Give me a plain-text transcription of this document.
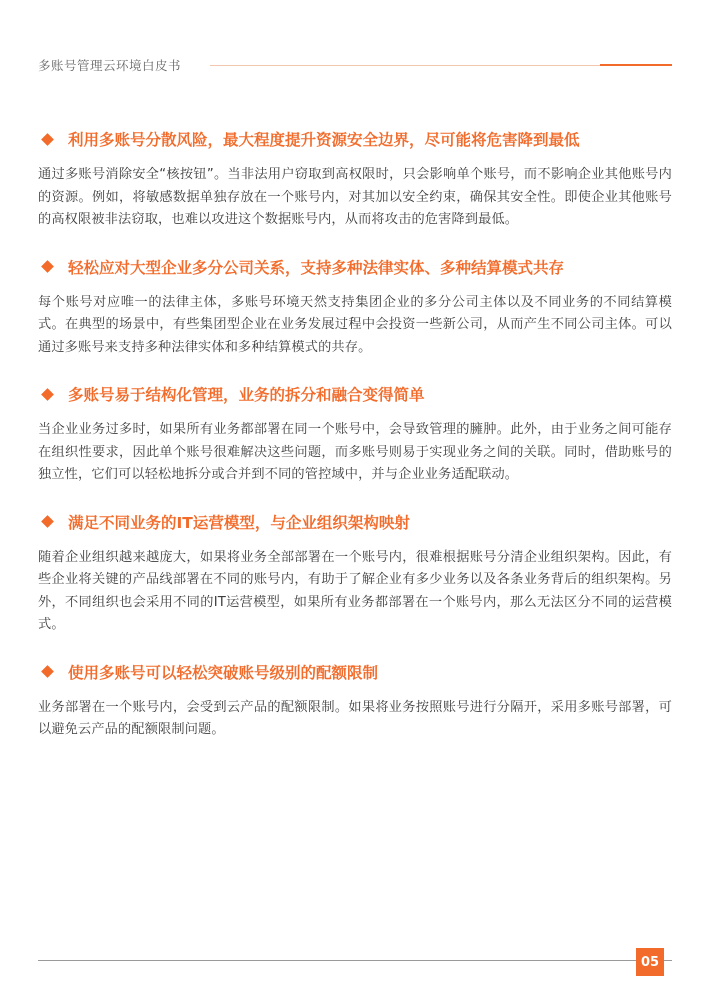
多账号管理云环境白皮书
利用多账号分散风险，最大程度提升资源安全边界，尽可能将危害降到最低

通过多账号消除安全“核按钮”。当非法用户窃取到高权限时，只会影响单个账号，而不影响企业其他账号内的资源。例如，将敏感数据单独存放在一个账号内，对其加以安全约束，确保其安全性。即使企业其他账号的高权限被非法窃取，也难以攻进这个数据账号内，从而将攻击的危害降到最低。

轻松应对大型企业多分公司关系，支持多种法律实体、多种结算模式共存

每个账号对应唯一的法律主体，多账号环境天然支持集团企业的多分公司主体以及不同业务的不同结算模式。在典型的场景中，有些集团型企业在业务发展过程中会投资一些新公司，从而产生不同公司主体。可以通过多账号来支持多种法律实体和多种结算模式的共存。

多账号易于结构化管理，业务的拆分和融合变得简单

当企业业务过多时，如果所有业务都部署在同一个账号中，会导致管理的臃肿。此外，由于业务之间可能存在组织性要求，因此单个账号很难解决这些问题，而多账号则易于实现业务之间的关联。同时，借助账号的独立性，它们可以轻松地拆分或合并到不同的管控域中，并与企业业务适配联动。

满足不同业务的IT运营模型，与企业组织架构映射

随着企业组织越来越庞大，如果将业务全部部署在一个账号内，很难根据账号分清企业组织架构。因此，有些企业将关键的产品线部署在不同的账号内，有助于了解企业有多少业务以及各条业务背后的组织架构。另外，不同组织也会采用不同的IT运营模型，如果所有业务都部署在一个账号内，那么无法区分不同的运营模式。

使用多账号可以轻松突破账号级别的配额限制

业务部署在一个账号内，会受到云产品的配额限制。如果将业务按照账号进行分隔开，采用多账号部署，可以避免云产品的配额限制问题。

05
